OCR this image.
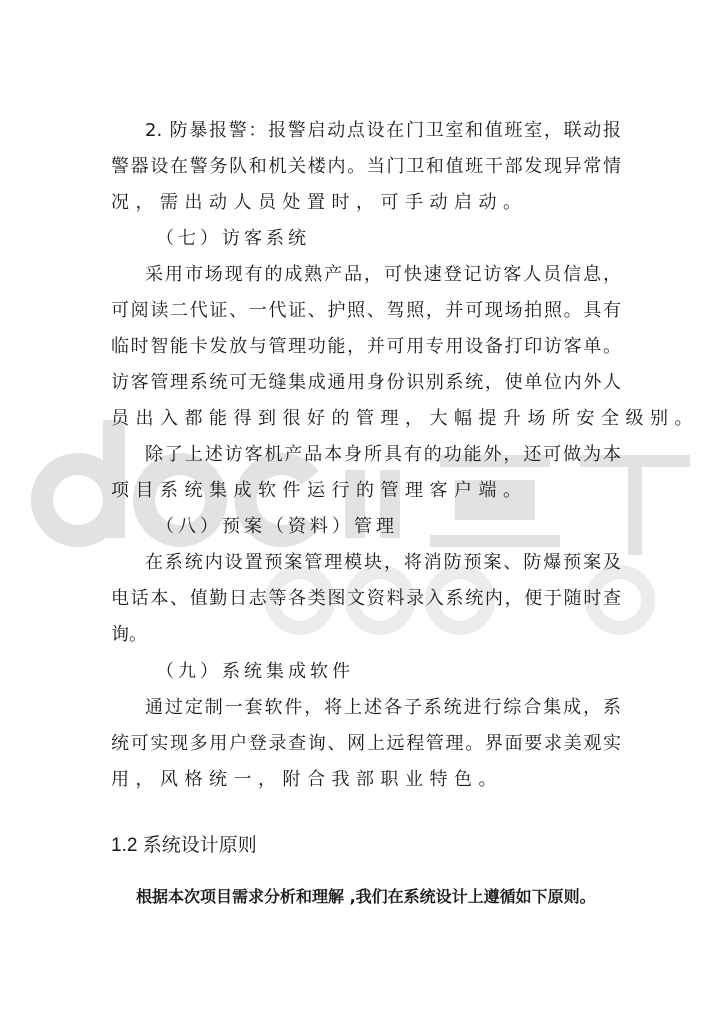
2. 防暴报警：报警启动点设在门卫室和值班室，联动报
警器设在警务队和机关楼内。当门卫和值班干部发现异常情
况，需出动人员处置时，可手动启动。
（七）访客系统
采用市场现有的成熟产品，可快速登记访客人员信息，
可阅读二代证、一代证、护照、驾照，并可现场拍照。具有
临时智能卡发放与管理功能，并可用专用设备打印访客单。
访客管理系统可无缝集成通用身份识别系统，使单位内外人
员出入都能得到很好的管理，大幅提升场所安全级别。
除了上述访客机产品本身所具有的功能外，还可做为本
项目系统集成软件运行的管理客户端。
（八）预案（资料）管理
在系统内设置预案管理模块，将消防预案、防爆预案及
电话本、值勤日志等各类图文资料录入系统内，便于随时查
询。
（九）系统集成软件
通过定制一套软件，将上述各子系统进行综合集成，系
统可实现多用户登录查询、网上远程管理。界面要求美观实
用，风格统一，附合我部职业特色。
1.2 系统设计原则
根据本次项目需求分析和理解 ,我们在系统设计上遵循如下原则。
